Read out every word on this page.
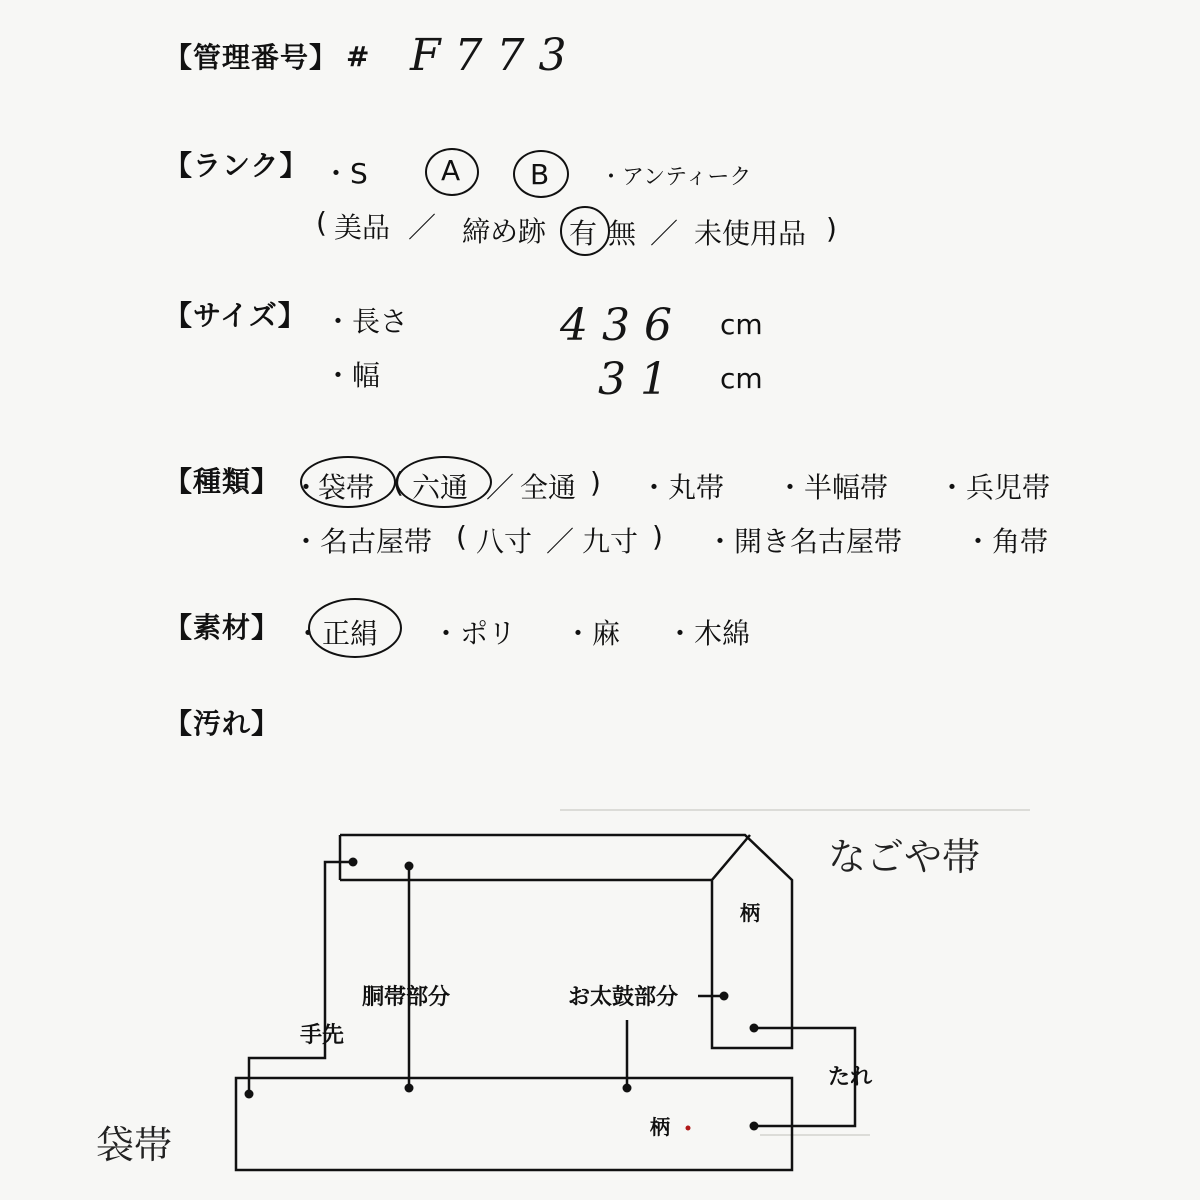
【管理番号】 # F773
【ランク】 ・S	A B ・アンティーク
( 美品 ／ 締め跡 有 無 ／ 未使用品 )
【サイズ】 ・長さ	436 cm
・幅	31 cm
【種類】 ・
袋帯 ( 六通 ／ 全通 ) ・丸帯 ・半幅帯 ・兵児帯
・名古屋帯 ( 八寸 ／ 九寸 ) ・開き名古屋帯 ・角帯
【素材】 ・ 正絹 ・ポリ ・麻 ・木綿
【汚れ】
なごや帯
袋帯
柄
胴帯部分	お太鼓部分
手先
たれ
柄
